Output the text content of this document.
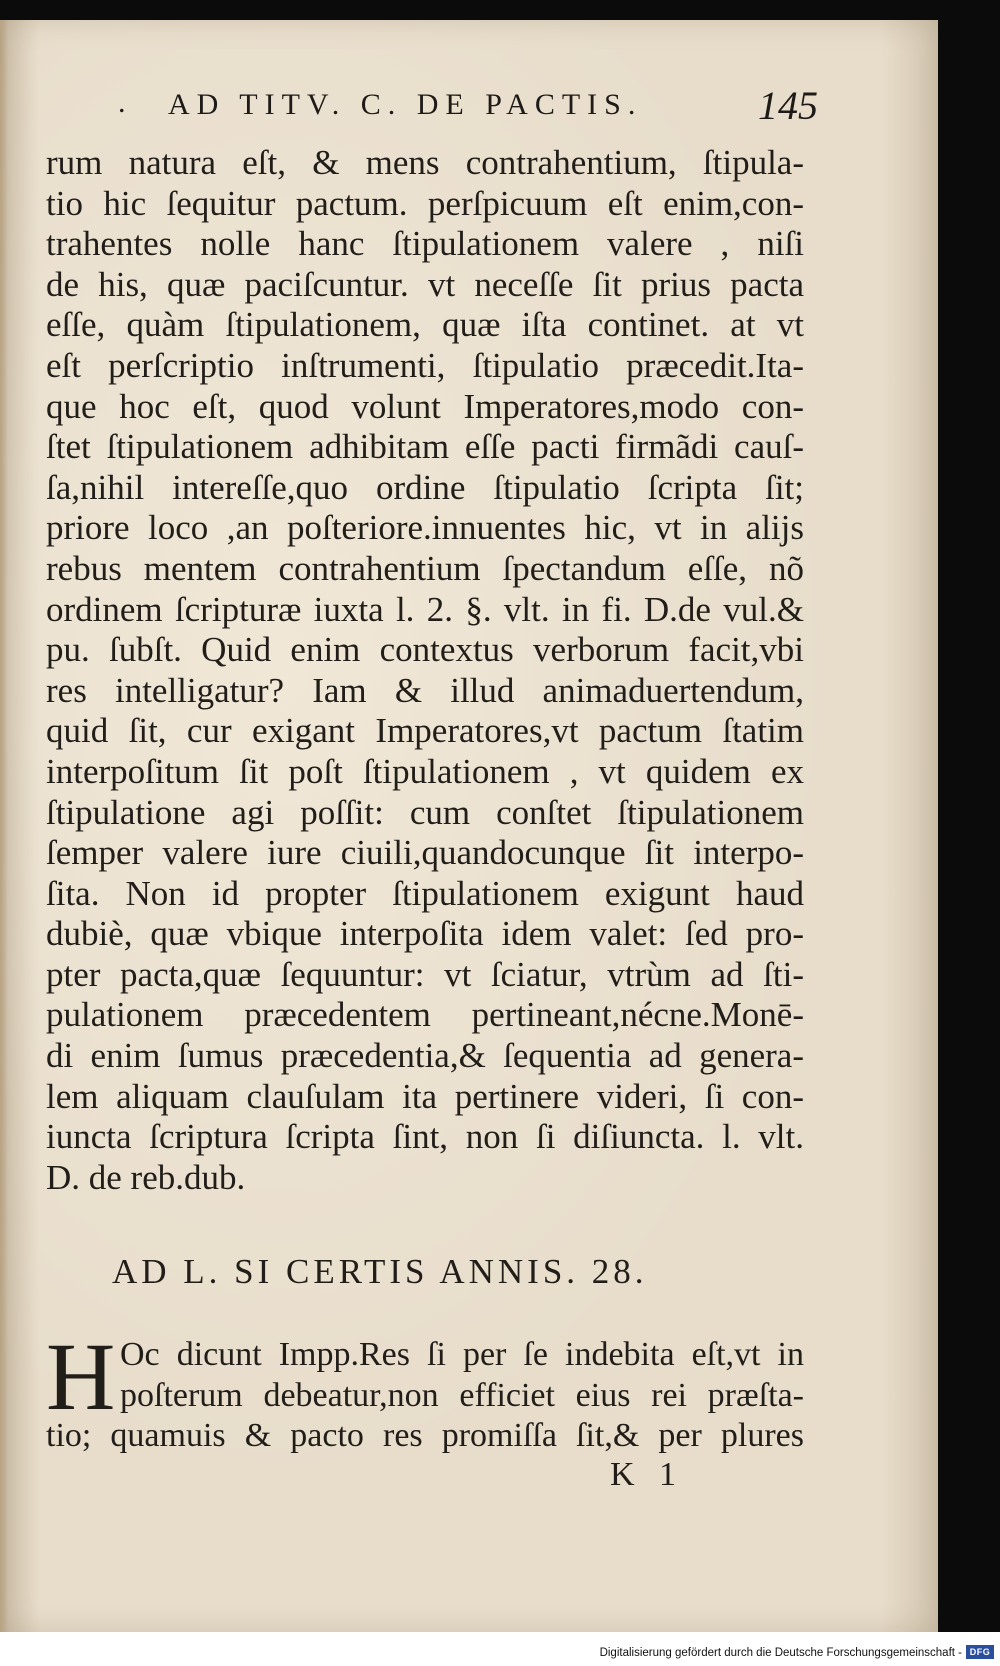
. AD TITV. C. DE PACTIS.	145
rum natura eſt, & mens contrahentium, ſtipula-
tio hic ſequitur pactum. perſpicuum eſt enim,con-
trahentes nolle hanc ſtipulationem valere , niſi
de his, quæ paciſcuntur. vt neceſſe ſit prius pacta
eſſe, quàm ſtipulationem, quæ iſta continet. at vt
eſt perſcriptio inſtrumenti, ſtipulatio præcedit.Ita-
que hoc eſt, quod volunt Imperatores,modo con-
ſtet ſtipulationem adhibitam eſſe pacti firmãdi cauſ-
ſa,nihil intereſſe,quo ordine ſtipulatio ſcripta ſit;
priore loco ,an poſteriore.innuentes hic, vt in alijs
rebus mentem contrahentium ſpectandum eſſe, nõ
ordinem ſcripturæ iuxta l. 2. §. vlt. in fi. D.de vul.&
pu. ſubſt. Quid enim contextus verborum facit,vbi
res intelligatur? Iam & illud animaduertendum,
quid ſit, cur exigant Imperatores,vt pactum ſtatim
interpoſitum ſit poſt ſtipulationem , vt quidem ex
ſtipulatione agi poſſit: cum conſtet ſtipulationem
ſemper valere iure ciuili,quandocunque ſit interpo-
ſita. Non id propter ſtipulationem exigunt haud
dubiè, quæ vbique interpoſita idem valet: ſed pro-
pter pacta,quæ ſequuntur: vt ſciatur, vtrùm ad ſti-
pulationem præcedentem pertineant,nécne.Monē-
di enim ſumus præcedentia,& ſequentia ad genera-
lem aliquam clauſulam ita pertinere videri, ſi con-
iuncta ſcriptura ſcripta ſint, non ſi diſiuncta. l. vlt.
D. de reb.dub.
AD L. SI CERTIS ANNIS. 28.
H Oc dicunt Impp.Res ſi per ſe indebita eſt,vt in
poſterum debeatur,non efficiet eius rei præſta-
tio; quamuis & pacto res promiſſa ſit,& per plures
K 1
Digitalisierung gefördert durch die Deutsche Forschungsgemeinschaft - DFG
